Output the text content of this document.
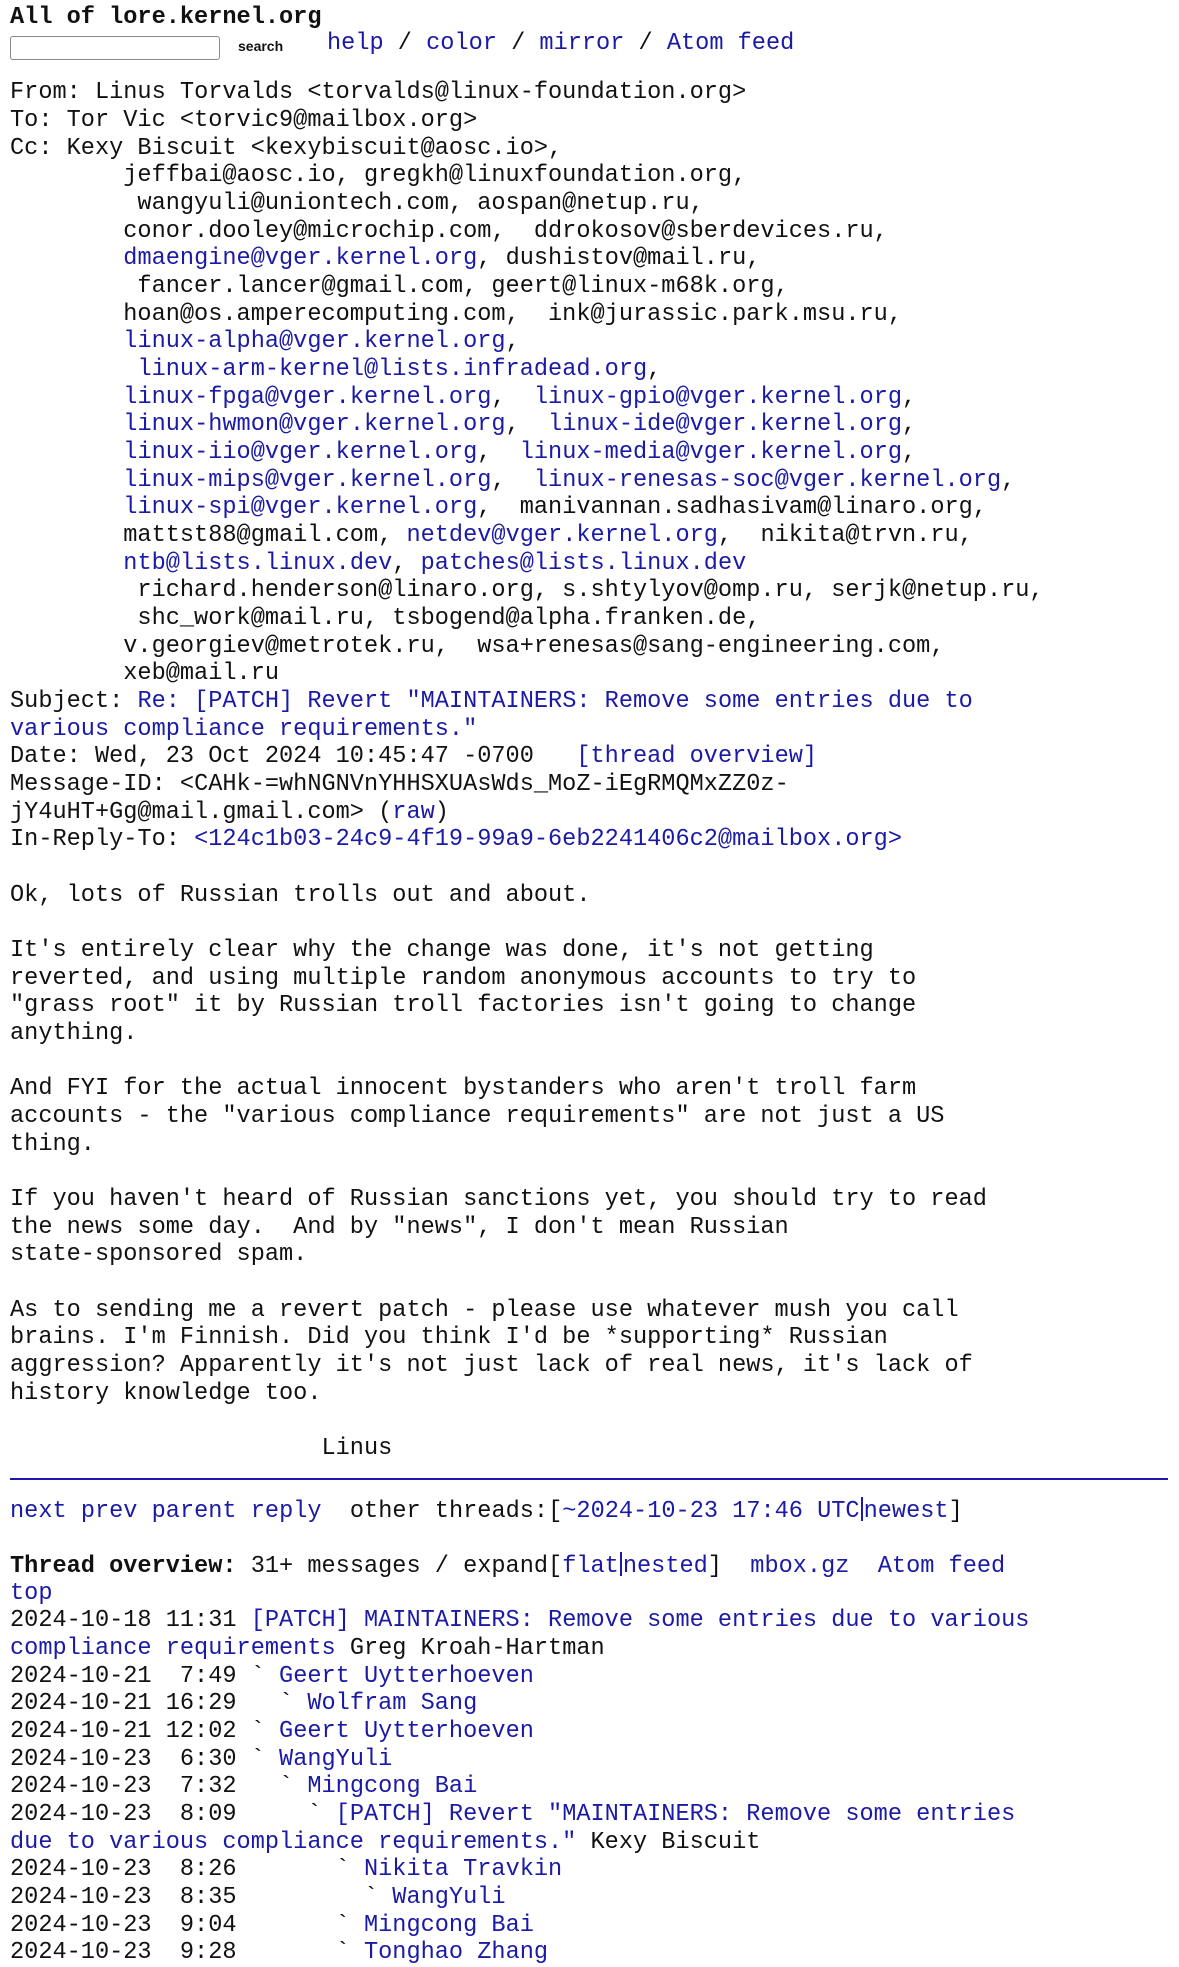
All of lore.kernel.org
search help / color / mirror / Atom feed
From: Linus Torvalds <torvalds@linux-foundation.org>
To: Tor Vic <torvic9@mailbox.org>
Cc: Kexy Biscuit <kexybiscuit@aosc.io>,
jeffbai@aosc.io, gregkh@linuxfoundation.org,
wangyuli@uniontech.com, aospan@netup.ru,
conor.dooley@microchip.com,  ddrokosov@sberdevices.ru,
dmaengine@vger.kernel.org, dushistov@mail.ru,
fancer.lancer@gmail.com, geert@linux-m68k.org,
hoan@os.amperecomputing.com,  ink@jurassic.park.msu.ru,
linux-alpha@vger.kernel.org,
linux-arm-kernel@lists.infradead.org,
linux-fpga@vger.kernel.org,  linux-gpio@vger.kernel.org,
linux-hwmon@vger.kernel.org,  linux-ide@vger.kernel.org,
linux-iio@vger.kernel.org,  linux-media@vger.kernel.org,
linux-mips@vger.kernel.org,  linux-renesas-soc@vger.kernel.org,
linux-spi@vger.kernel.org,  manivannan.sadhasivam@linaro.org,
mattst88@gmail.com, netdev@vger.kernel.org,  nikita@trvn.ru,
ntb@lists.linux.dev, patches@lists.linux.dev
richard.henderson@linaro.org, s.shtylyov@omp.ru, serjk@netup.ru,
shc_work@mail.ru, tsbogend@alpha.franken.de,
v.georgiev@metrotek.ru,  wsa+renesas@sang-engineering.com,
xeb@mail.ru
Subject: Re: [PATCH] Revert "MAINTAINERS: Remove some entries due to
various compliance requirements."
Date: Wed, 23 Oct 2024 10:45:47 -0700 [thread overview]
Message-ID: <CAHk-=whNGNVnYHHSXUAsWds_MoZ-iEgRMQMxZZ0z-
jY4uHT+Gg@mail.gmail.com> (raw)
In-Reply-To: <124c1b03-24c9-4f19-99a9-6eb2241406c2@mailbox.org>
Ok, lots of Russian trolls out and about.
It's entirely clear why the change was done, it's not getting
reverted, and using multiple random anonymous accounts to try to
"grass root" it by Russian troll factories isn't going to change
anything.
And FYI for the actual innocent bystanders who aren't troll farm
accounts - the "various compliance requirements" are not just a US
thing.
If you haven't heard of Russian sanctions yet, you should try to read
the news some day.  And by "news", I don't mean Russian
state-sponsored spam.
As to sending me a revert patch - please use whatever mush you call
brains. I'm Finnish. Did you think I'd be *supporting* Russian
aggression? Apparently it's not just lack of real news, it's lack of
history knowledge too.
Linus
next prev parent reply other threads:[~2024-10-23 17:46 UTC newest]
Thread overview: 31+ messages / expand[flat nested] mbox.gz Atom feed
top
2024-10-18 11:31 [PATCH] MAINTAINERS: Remove some entries due to various
compliance requirements Greg Kroah-Hartman
2024-10-21  7:49 ` Geert Uytterhoeven
2024-10-21 16:29   ` Wolfram Sang
2024-10-21 12:02 ` Geert Uytterhoeven
2024-10-23  6:30 ` WangYuli
2024-10-23  7:32   ` Mingcong Bai
2024-10-23  8:09     ` [PATCH] Revert "MAINTAINERS: Remove some entries
due to various compliance requirements." Kexy Biscuit
2024-10-23  8:26       ` Nikita Travkin
2024-10-23  8:35         ` WangYuli
2024-10-23  9:04       ` Mingcong Bai
2024-10-23  9:28       ` Tonghao Zhang
